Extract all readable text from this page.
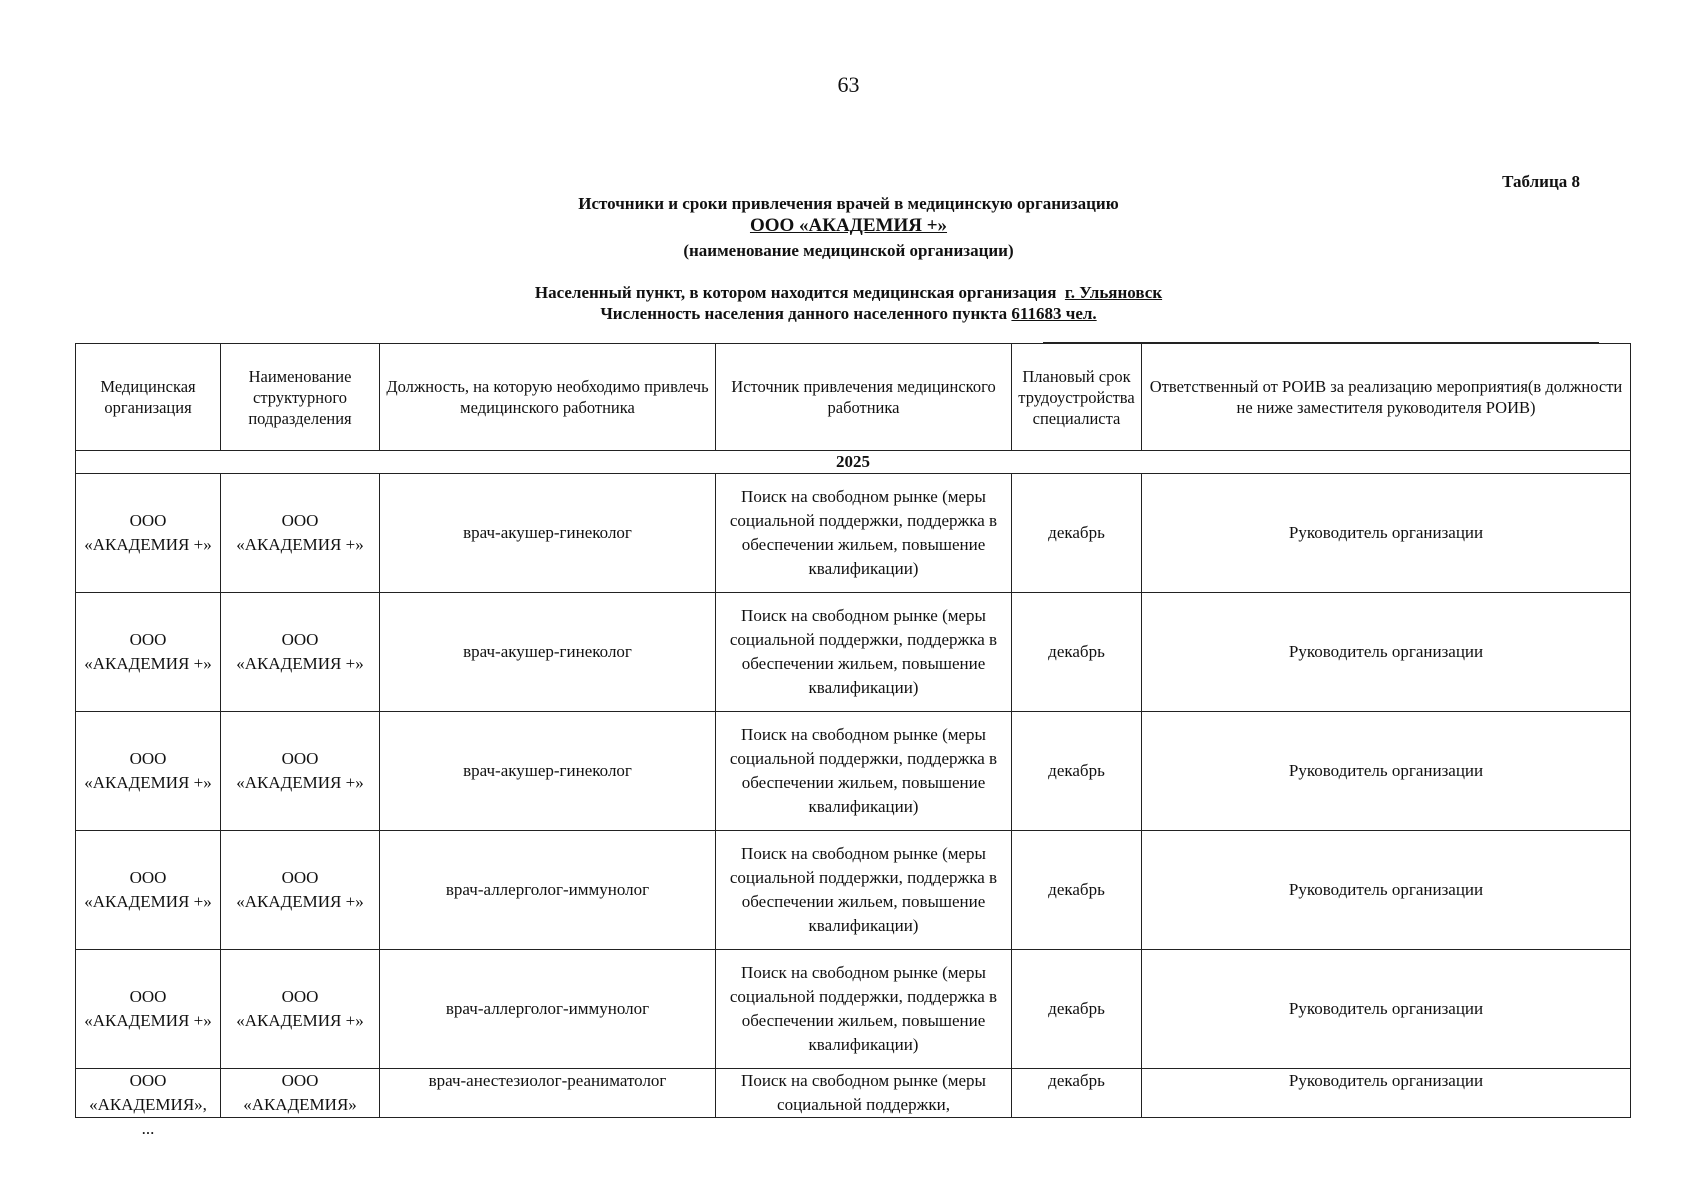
63
Таблица 8
Источники и сроки привлечения врачей в медицинскую организацию
ООО «АКАДЕМИЯ +»
(наименование медицинской организации)
Населенный пункт, в котором находится медицинская организация г. Ульяновск
Численность населения данного населенного пункта 611683 чел.
Медицинская организация	Наименование структурного подразделения	Должность, на которую необходимо привлечь медицинского работника	Источник привлечения медицинского работника	Плановый срок трудоустройства специалиста	Ответственный от РОИВ за реализацию мероприятия(в должности не ниже заместителя руководителя РОИВ)
2025					
ООО «АКАДЕМИЯ +»	ООО «АКАДЕМИЯ +»	врач-акушер-гинеколог	Поиск на свободном рынке (меры социальной поддержки, поддержка в обеспечении жильем, повышение квалификации)	декабрь	Руководитель организации
ООО «АКАДЕМИЯ +»	ООО «АКАДЕМИЯ +»	врач-акушер-гинеколог	Поиск на свободном рынке (меры социальной поддержки, поддержка в обеспечении жильем, повышение квалификации)	декабрь	Руководитель организации
ООО «АКАДЕМИЯ +»	ООО «АКАДЕМИЯ +»	врач-акушер-гинеколог	Поиск на свободном рынке (меры социальной поддержки, поддержка в обеспечении жильем, повышение квалификации)	декабрь	Руководитель организации
ООО «АКАДЕМИЯ +»	ООО «АКАДЕМИЯ +»	врач-аллерголог-иммунолог	Поиск на свободном рынке (меры социальной поддержки, поддержка в обеспечении жильем, повышение квалификации)	декабрь	Руководитель организации
ООО «АКАДЕМИЯ +»	ООО «АКАДЕМИЯ +»	врач-аллерголог-иммунолог	Поиск на свободном рынке (меры социальной поддержки, поддержка в обеспечении жильем, повышение квалификации)	декабрь	Руководитель организации

ООО «АКАДЕМИЯ», ...	ООО «АКАДЕМИЯ»	врач-анестезиолог-реаниматолог	Поиск на свободном рынке (меры социальной поддержки,	декабрь	Руководитель организации
